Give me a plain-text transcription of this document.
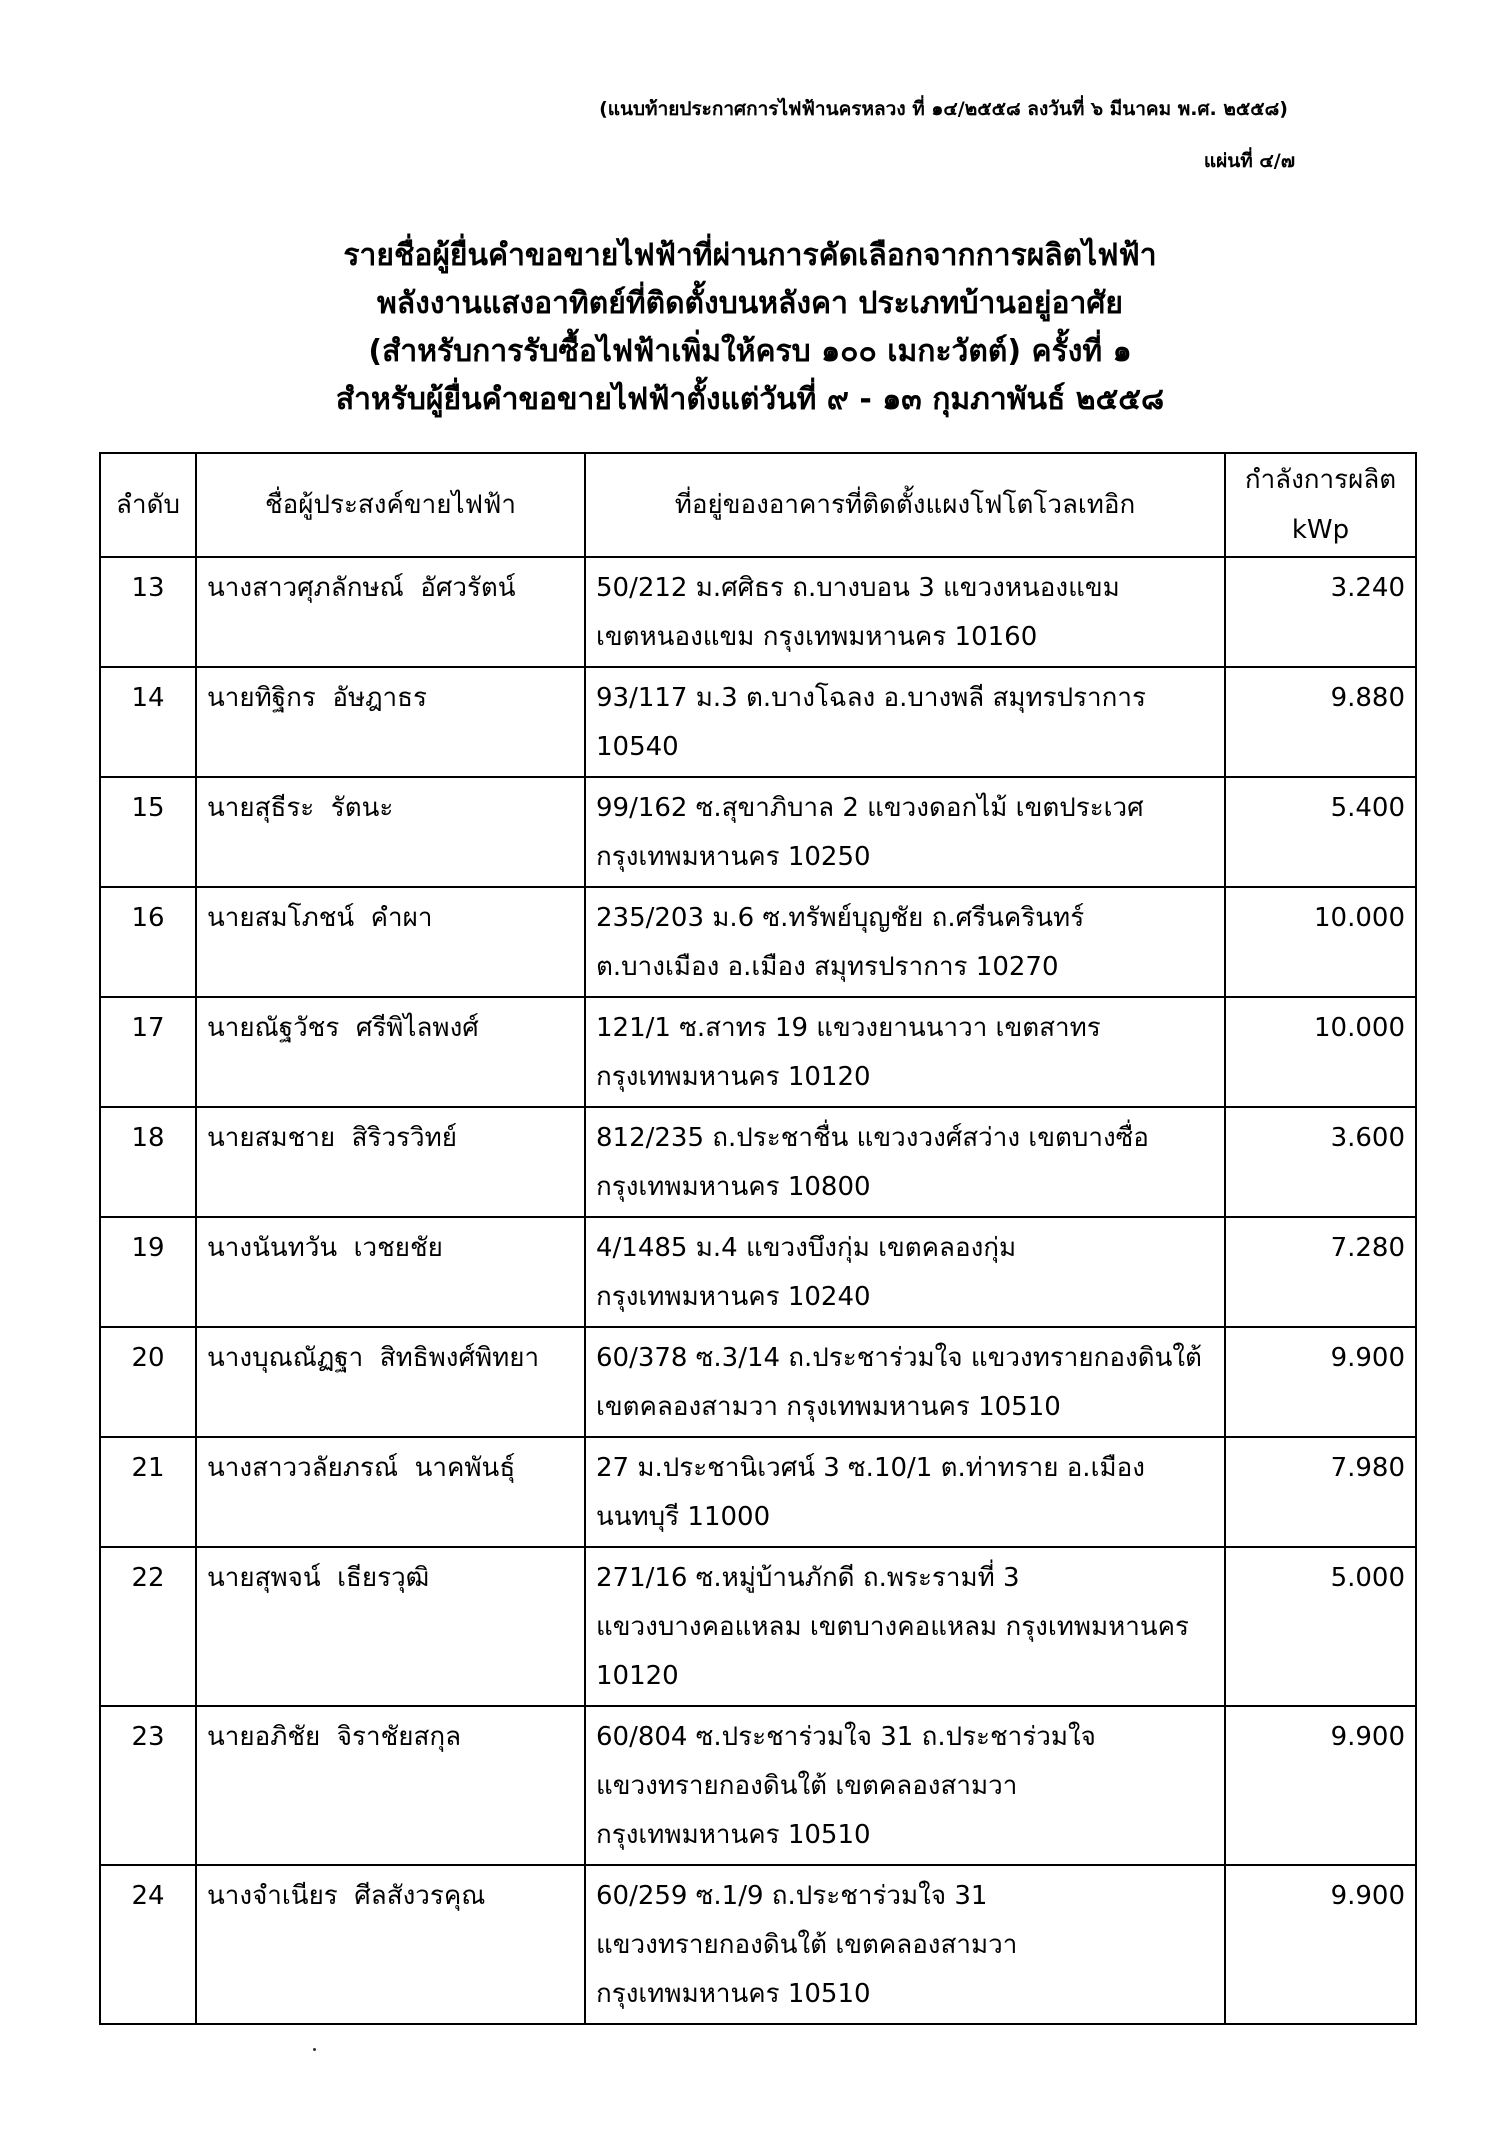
(แนบท้ายประกาศการไฟฟ้านครหลวง ที่ ๑๔/๒๕๕๘ ลงวันที่ ๖ มีนาคม พ.ศ. ๒๕๕๘)
แผ่นที่ ๔/๗
รายชื่อผู้ยื่นคำขอขายไฟฟ้าที่ผ่านการคัดเลือกจากการผลิตไฟฟ้า
พลังงานแสงอาทิตย์ที่ติดตั้งบนหลังคา ประเภทบ้านอยู่อาศัย
(สำหรับการรับซื้อไฟฟ้าเพิ่มให้ครบ ๑๐๐ เมกะวัตต์) ครั้งที่ ๑
สำหรับผู้ยื่นคำขอขายไฟฟ้าตั้งแต่วันที่ ๙ - ๑๓ กุมภาพันธ์ ๒๕๕๘
ลำดับ	ชื่อผู้ประสงค์ขายไฟฟ้า	ที่อยู่ของอาคารที่ติดตั้งแผงโฟโตโวลเทอิก	กำลังการผลิต
kWp

13	นางสาวศุภลักษณ์  อัศวรัตน์	50/212 ม.ศศิธร ถ.บางบอน 3 แขวงหนองแขม
เขตหนองแขม กรุงเทพมหานคร 10160	3.240
14	นายทิฐิกร  อัษฎาธร	93/117 ม.3 ต.บางโฉลง อ.บางพลี สมุทรปราการ
10540	9.880
15	นายสุธีระ  รัตนะ	99/162 ซ.สุขาภิบาล 2 แขวงดอกไม้ เขตประเวศ
กรุงเทพมหานคร 10250	5.400
16	นายสมโภชน์  คำผา	235/203 ม.6 ซ.ทรัพย์บุญชัย ถ.ศรีนครินทร์
ต.บางเมือง อ.เมือง สมุทรปราการ 10270	10.000
17	นายณัฐวัชร  ศรีพิไลพงศ์	121/1 ซ.สาทร 19 แขวงยานนาวา เขตสาทร
กรุงเทพมหานคร 10120	10.000
18	นายสมชาย  สิริวรวิทย์	812/235 ถ.ประชาชื่น แขวงวงศ์สว่าง เขตบางซื่อ
กรุงเทพมหานคร 10800	3.600
19	นางนันทวัน  เวชยชัย	4/1485 ม.4 แขวงบึงกุ่ม เขตคลองกุ่ม
กรุงเทพมหานคร 10240	7.280
20	นางบุณณัฏฐา  สิทธิพงศ์พิทยา	60/378 ซ.3/14 ถ.ประชาร่วมใจ แขวงทรายกองดินใต้
เขตคลองสามวา กรุงเทพมหานคร 10510	9.900
21	นางสาววลัยภรณ์  นาคพันธุ์	27 ม.ประชานิเวศน์ 3 ซ.10/1 ต.ท่าทราย อ.เมือง
นนทบุรี 11000	7.980
22	นายสุพจน์  เธียรวุฒิ	271/16 ซ.หมู่บ้านภักดี ถ.พระรามที่ 3
แขวงบางคอแหลม เขตบางคอแหลม กรุงเทพมหานคร
10120	5.000
23	นายอภิชัย  จิราชัยสกุล	60/804 ซ.ประชาร่วมใจ 31 ถ.ประชาร่วมใจ
แขวงทรายกองดินใต้ เขตคลองสามวา
กรุงเทพมหานคร 10510	9.900
24	นางจำเนียร  ศีลสังวรคุณ	60/259 ซ.1/9 ถ.ประชาร่วมใจ 31
แขวงทรายกองดินใต้ เขตคลองสามวา
กรุงเทพมหานคร 10510	9.900
